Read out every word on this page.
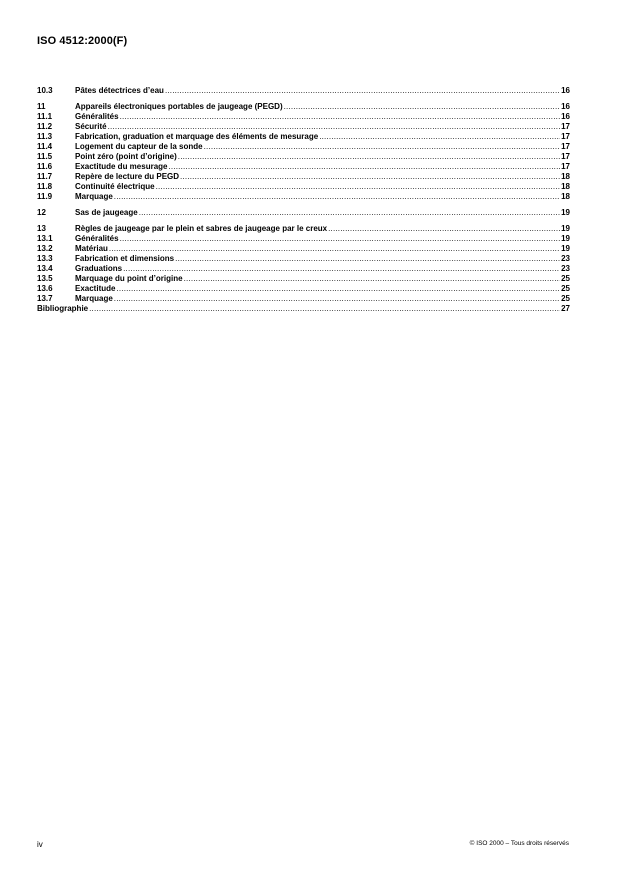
ISO 4512:2000(F)
10.3	Pâtes détectrices d’eau .....	16
11	Appareils électroniques portables de jaugeage (PEGD) .....	16
11.1	Généralités .....	16
11.2	Sécurité .....	17
11.3	Fabrication, graduation et marquage des éléments de mesurage .....	17
11.4	Logement du capteur de la sonde .....	17
11.5	Point zéro (point d’origine) .....	17
11.6	Exactitude du mesurage .....	17
11.7	Repère de lecture du PEGD .....	18
11.8	Continuité électrique .....	18
11.9	Marquage .....	18
12	Sas de jaugeage .....	19
13	Règles de jaugeage par le plein et sabres de jaugeage par le creux .....	19
13.1	Généralités .....	19
13.2	Matériau .....	19
13.3	Fabrication et dimensions .....	23
13.4	Graduations .....	23
13.5	Marquage du point d’origine .....	25
13.6	Exactitude .....	25
13.7	Marquage .....	25
Bibliographie .....	27
iv	© ISO 2000 – Tous droits réservés
